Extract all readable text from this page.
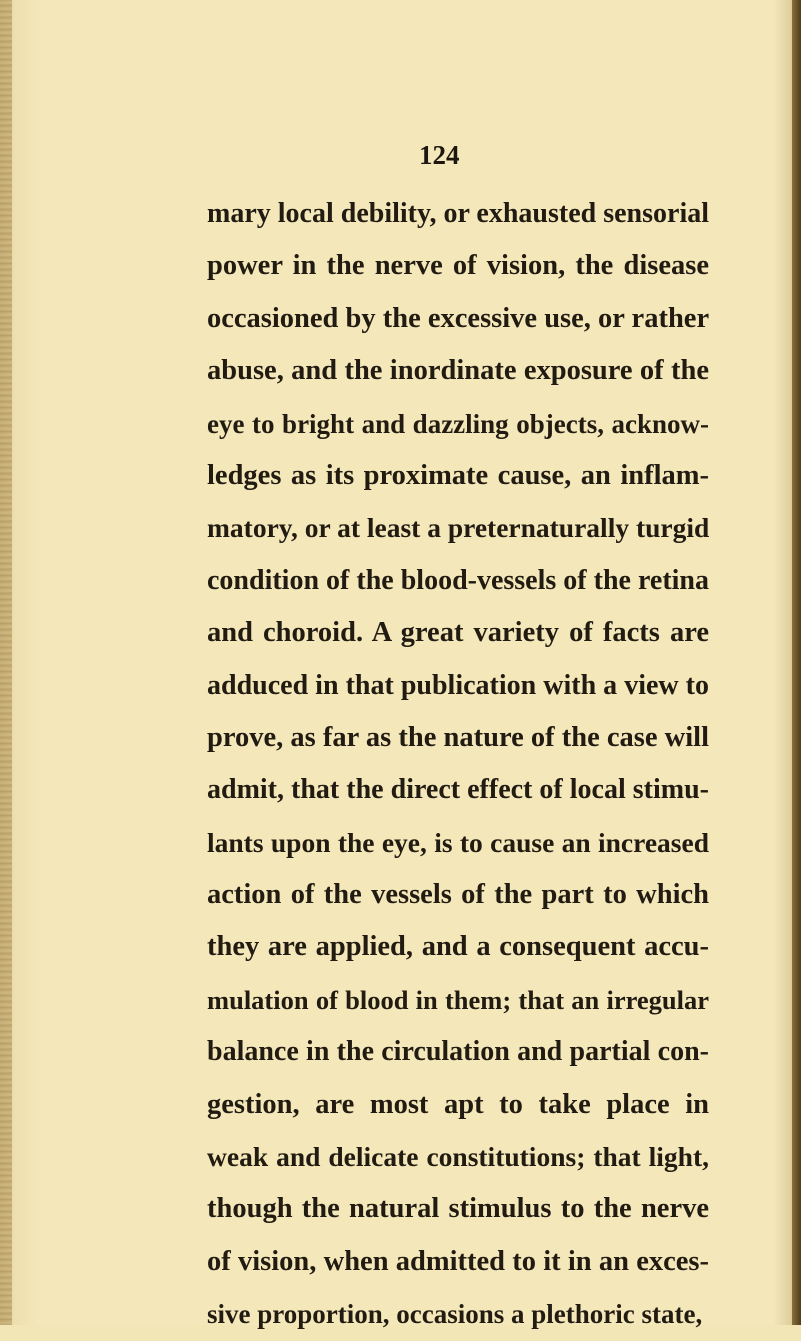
124
mary local debility, or exhausted sensorial
power in the nerve of vision, the disease
occasioned by the excessive use, or rather
abuse, and the inordinate exposure of the
eye to bright and dazzling objects, acknow-
ledges as its proximate cause, an inflam-
matory, or at least a preternaturally turgid
condition of the blood-vessels of the retina
and choroid. A great variety of facts are
adduced in that publication with a view to
prove, as far as the nature of the case will
admit, that the direct effect of local stimu-
lants upon the eye, is to cause an increased
action of the vessels of the part to which
they are applied, and a consequent accu-
mulation of blood in them; that an irregular
balance in the circulation and partial con-
gestion, are most apt to take place in
weak and delicate constitutions; that light,
though the natural stimulus to the nerve
of vision, when admitted to it in an exces-
sive proportion, occasions a plethoric state,
